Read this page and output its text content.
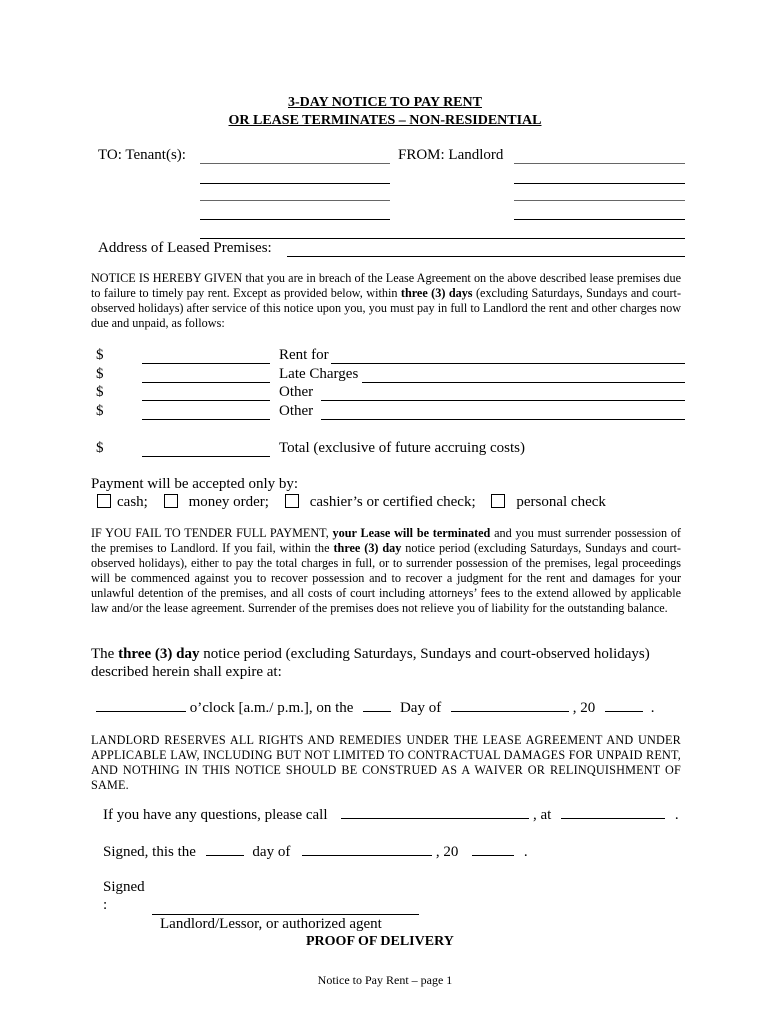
3-DAY NOTICE TO PAY RENT
OR LEASE TERMINATES – NON-RESIDENTIAL
TO: Tenant(s):	FROM: Landlord
Address of Leased Premises:
NOTICE IS HEREBY GIVEN that you are in breach of the Lease Agreement on the above described lease premises due to failure to timely pay rent. Except as provided below, within three (3) days (excluding Saturdays, Sundays and court-observed holidays) after service of this notice upon you, you must pay in full to Landlord the rent and other charges now due and unpaid, as follows:
$	Rent for
$	Late Charges
$	Other
$	Other
$	Total (exclusive of future accruing costs)
Payment will be accepted only by:
cash;	money order;	cashier’s or certified check;	personal check
IF YOU FAIL TO TENDER FULL PAYMENT, your Lease will be terminated and you must surrender possession of the premises to Landlord. If you fail, within the three (3) day notice period (excluding Saturdays, Sundays and court-observed holidays), either to pay the total charges in full, or to surrender possession of the premises, legal proceedings will be commenced against you to recover possession and to recover a judgment for the rent and damages for your unlawful detention of the premises, and all costs of court including attorneys’ fees to the extend allowed by applicable law and/or the lease agreement. Surrender of the premises does not relieve you of liability for the outstanding balance.
The three (3) day notice period (excluding Saturdays, Sundays and court-observed holidays)
described herein shall expire at:
o’clock [a.m./ p.m.], on the	Day of	, 20	.
LANDLORD RESERVES ALL RIGHTS AND REMEDIES UNDER THE LEASE AGREEMENT AND UNDER APPLICABLE LAW, INCLUDING BUT NOT LIMITED TO CONTRACTUAL DAMAGES FOR UNPAID RENT, AND NOTHING IN THIS NOTICE SHOULD BE CONSTRUED AS A WAIVER OR RELINQUISHMENT OF SAME.
If you have any questions, please call	, at	.
Signed, this the	day of	, 20	.
Signed
:
Landlord/Lessor, or authorized agent
PROOF OF DELIVERY
Notice to Pay Rent – page 1
